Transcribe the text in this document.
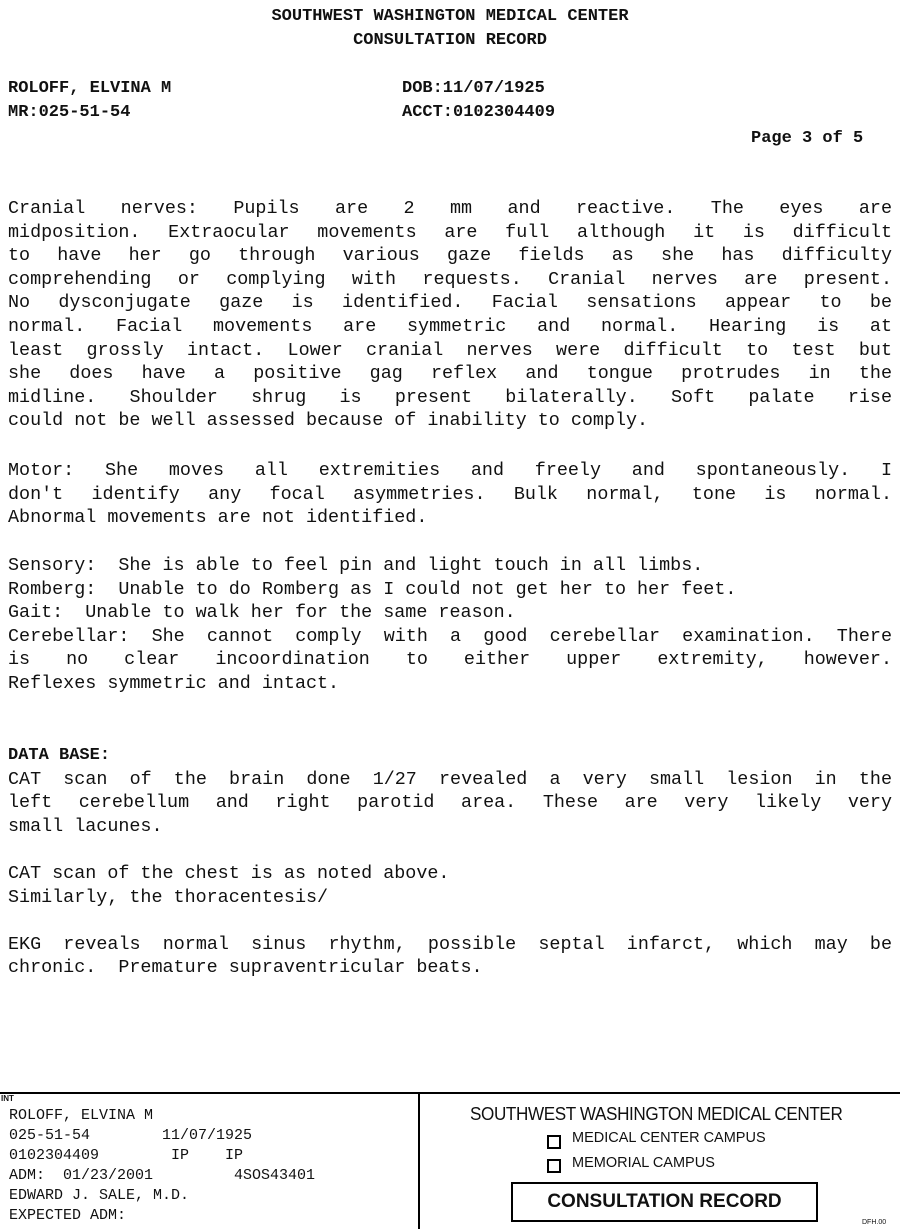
SOUTHWEST WASHINGTON MEDICAL CENTER
CONSULTATION RECORD
ROLOFF, ELVINA M
MR:025-51-54
DOB:11/07/1925
ACCT:0102304409
Page 3 of 5
Cranial nerves: Pupils are 2 mm and reactive. The eyes are
midposition. Extraocular movements are full although it is difficult
to have her go through various gaze fields as she has difficulty
comprehending or complying with requests. Cranial nerves are present.
No dysconjugate gaze is identified. Facial sensations appear to be
normal. Facial movements are symmetric and normal. Hearing is at
least grossly intact. Lower cranial nerves were difficult to test but
she does have a positive gag reflex and tongue protrudes in the
midline. Shoulder shrug is present bilaterally. Soft palate rise
could not be well assessed because of inability to comply.
Motor: She moves all extremities and freely and spontaneously. I
don't identify any focal asymmetries. Bulk normal, tone is normal.
Abnormal movements are not identified.
Sensory:  She is able to feel pin and light touch in all limbs.
Romberg:  Unable to do Romberg as I could not get her to her feet.
Gait:  Unable to walk her for the same reason.
Cerebellar: She cannot comply with a good cerebellar examination. There
is no clear incoordination to either upper extremity, however.
Reflexes symmetric and intact.
DATA BASE:
CAT scan of the brain done 1/27 revealed a very small lesion in the
left cerebellum and right parotid area. These are very likely very
small lacunes.

CAT scan of the chest is as noted above.
Similarly, the thoracentesis/

EKG reveals normal sinus rhythm, possible septal infarct, which may be
chronic.  Premature supraventricular beats.
INT
ROLOFF, ELVINA M
025-51-54        11/07/1925
0102304409        IP    IP
ADM:  01/23/2001         4SOS43401
EDWARD J. SALE, M.D.
EXPECTED ADM:
SOUTHWEST WASHINGTON MEDICAL CENTER
MEDICAL CENTER CAMPUS
MEMORIAL CAMPUS
CONSULTATION RECORD
DFH.00
